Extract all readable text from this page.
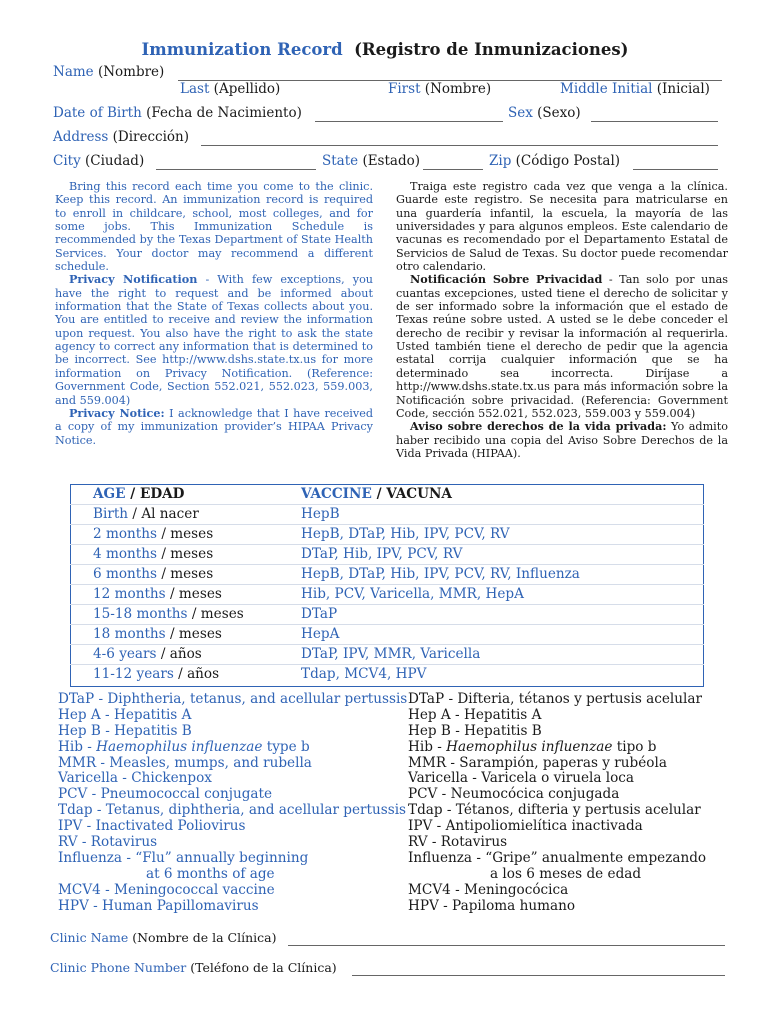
Immunization Record (Registro de Inmunizaciones)
Name (Nombre)
Last (Apellido)	First (Nombre)	Middle Initial (Inicial)
Date of Birth (Fecha de Nacimiento)	Sex (Sexo)
Address (Dirección)
City (Ciudad)	State (Estado)	Zip (Código Postal)

Bring this record each time you come to the clinic. Keep this record. An immunization record is required to enroll in childcare, school, most colleges, and for some jobs. This Immunization Schedule is recommended by the Texas Department of State Health Services. Your doctor may recommend a different schedule.

Privacy Notification - With few exceptions, you have the right to request and be informed about information that the State of Texas collects about you. You are entitled to receive and review the information upon request. You also have the right to ask the state agency to correct any information that is determined to be incorrect. See http://www.dshs.state.tx.us for more information on Privacy Notification. (Reference: Government Code, Section 552.021, 552.023, 559.003, and 559.004)

Privacy Notice: I acknowledge that I have received a copy of my immunization provider’s HIPAA Privacy Notice.

Traiga este registro cada vez que venga a la clínica. Guarde este registro. Se necesita para matricularse en una guardería infantil, la escuela, la mayoría de las universidades y para algunos empleos. Este calendario de vacunas es recomendado por el Departamento Estatal de Servicios de Salud de Texas. Su doctor puede recomendar otro calendario.

Notificación Sobre Privacidad - Tan solo por unas cuantas excepciones, usted tiene el derecho de solicitar y de ser informado sobre la información que el estado de Texas reúne sobre usted. A usted se le debe conceder el derecho de recibir y revisar la información al requerirla. Usted también tiene el derecho de pedir que la agencia estatal corrija cualquier información que se ha determinado sea incorrecta. Diríjase a http://www.dshs.state.tx.us para más información sobre la Notificación sobre privacidad. (Referencia: Government Code, sección 552.021, 552.023, 559.003 y 559.004)

Aviso sobre derechos de la vida privada: Yo admito haber recibido una copia del Aviso Sobre Derechos de la Vida Privada (HIPAA).

AGE / EDAD	VACCINE / VACUNA
Birth / Al nacer	HepB
2 months / meses	HepB, DTaP, Hib, IPV, PCV, RV
4 months / meses	DTaP, Hib, IPV, PCV, RV
6 months / meses	HepB, DTaP, Hib, IPV, PCV, RV, Influenza
12 months / meses	Hib, PCV, Varicella, MMR, HepA
15-18 months / meses	DTaP
18 months / meses	HepA
4-6 years / años	DTaP, IPV, MMR, Varicella
11-12 years / años	Tdap, MCV4, HPV
DTaP - Diphtheria, tetanus, and acellular pertussis
Hep A - Hepatitis A
Hep B - Hepatitis B
Hib - Haemophilus influenzae type b
MMR - Measles, mumps, and rubella
Varicella - Chickenpox
PCV - Pneumococcal conjugate
Tdap - Tetanus, diphtheria, and acellular pertussis
IPV - Inactivated Poliovirus
RV - Rotavirus
Influenza - “Flu” annually beginning
at 6 months of age
MCV4 - Meningococcal vaccine
HPV - Human Papillomavirus
DTaP - Difteria, tétanos y pertusis acelular
Hep A - Hepatitis A
Hep B - Hepatitis B
Hib - Haemophilus influenzae tipo b
MMR - Sarampión, paperas y rubéola
Varicella - Varicela o viruela loca
PCV - Neumocócica conjugada
Tdap - Tétanos, difteria y pertusis acelular
IPV - Antipoliomielítica inactivada
RV - Rotavirus
Influenza - “Gripe” anualmente empezando
a los 6 meses de edad
MCV4 - Meningocócica
HPV - Papiloma humano
Clinic Name (Nombre de la Clínica)
Clinic Phone Number (Teléfono de la Clínica)
